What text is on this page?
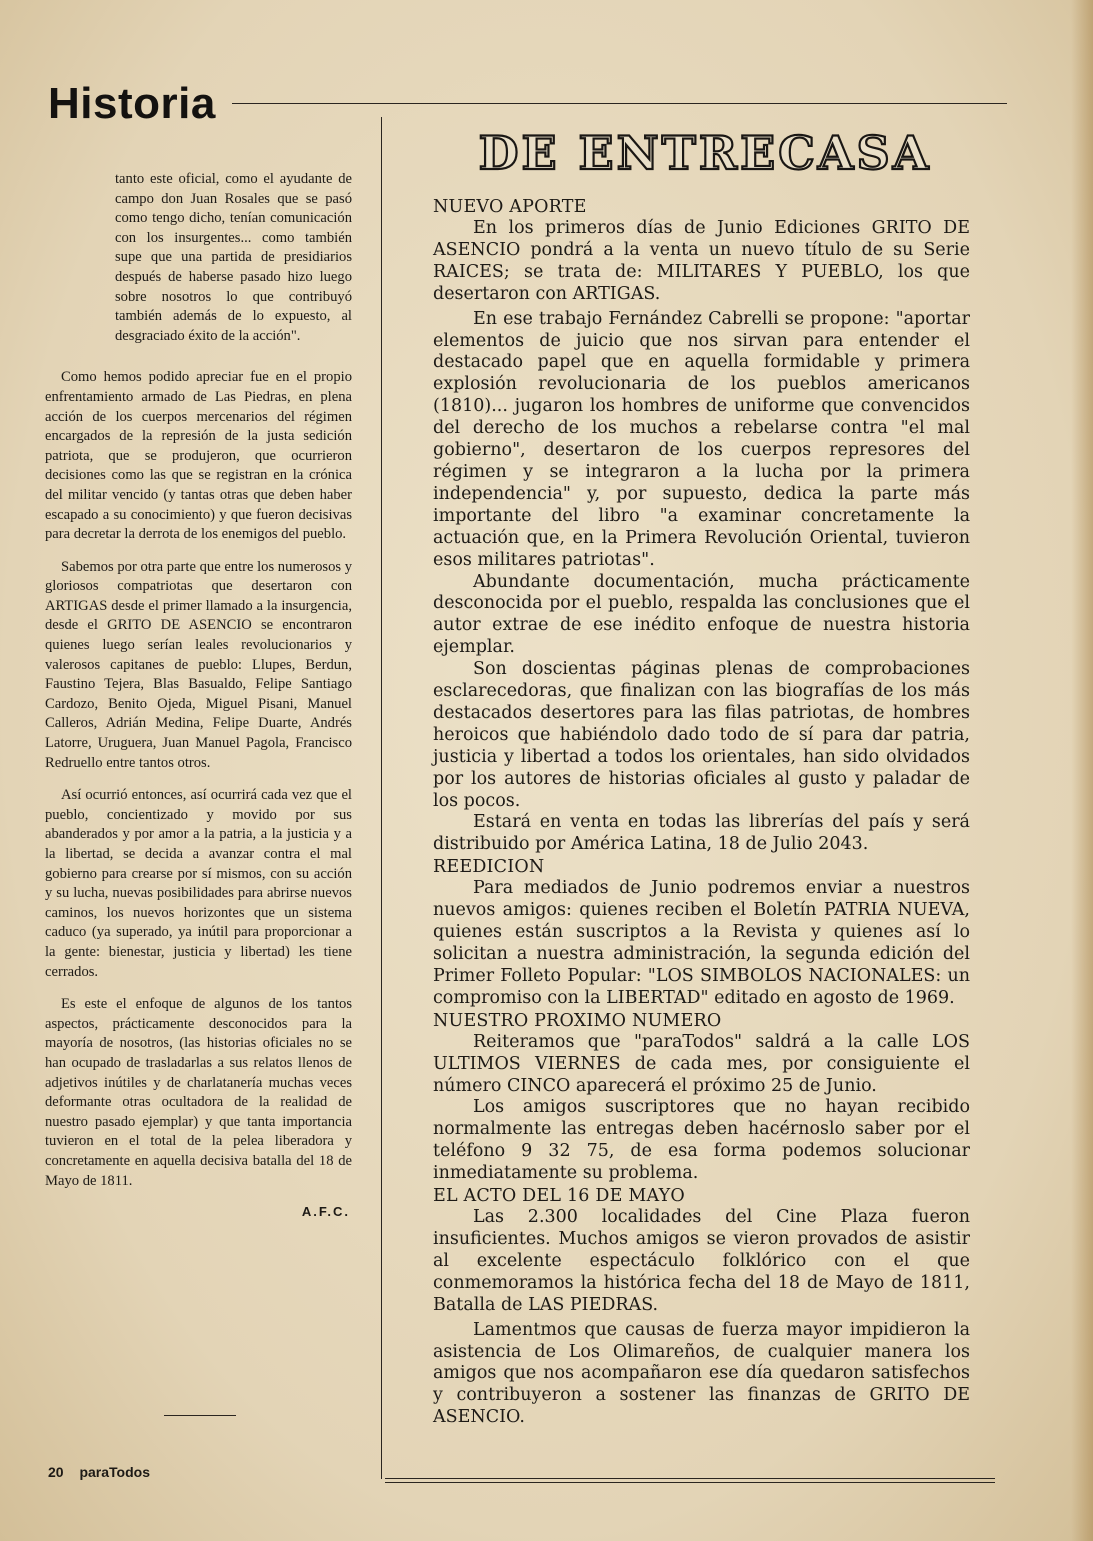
Historia

tanto este oficial, como el ayudante de campo don Juan Rosales que se pasó como tengo dicho, tenían comunicación con los insurgentes... como también supe que una partida de presidiarios después de haberse pasado hizo luego sobre nosotros lo que contribuyó también además de lo expuesto, al desgraciado éxito de la acción".

Como hemos podido apreciar fue en el propio enfrentamiento armado de Las Piedras, en plena acción de los cuerpos mercenarios del régimen encargados de la represión de la justa sedición patriota, que se produjeron, que ocurrieron decisiones como las que se registran en la crónica del militar vencido (y tantas otras que deben haber escapado a su conocimiento) y que fueron decisivas para decretar la derrota de los enemigos del pueblo.

Sabemos por otra parte que entre los numerosos y gloriosos compatriotas que desertaron con ARTIGAS desde el primer llamado a la insurgencia, desde el GRITO DE ASENCIO se encontraron quienes luego serían leales revolucionarios y valerosos capitanes de pueblo: Llupes, Berdun, Faustino Tejera, Blas Basualdo, Felipe Santiago Cardozo, Benito Ojeda, Miguel Pisani, Manuel Calleros, Adrián Medina, Felipe Duarte, Andrés Latorre, Uruguera, Juan Manuel Pagola, Francisco Redruello entre tantos otros.

Así ocurrió entonces, así ocurrirá cada vez que el pueblo, concientizado y movido por sus abanderados y por amor a la patria, a la justicia y a la libertad, se decida a avanzar contra el mal gobierno para crearse por sí mismos, con su acción y su lucha, nuevas posibilidades para abrirse nuevos caminos, los nuevos horizontes que un sistema caduco (ya superado, ya inútil para proporcionar a la gente: bienestar, justicia y libertad) les tiene cerrados.

Es este el enfoque de algunos de los tantos aspectos, prácticamente desconocidos para la mayoría de nosotros, (las historias oficiales no se han ocupado de trasladarlas a sus relatos llenos de adjetivos inútiles y de charlatanería muchas veces deformante otras ocultadora de la realidad de nuestro pasado ejemplar) y que tanta importancia tuvieron en el total de la pelea liberadora y concretamente en aquella decisiva batalla del 18 de Mayo de 1811.

A.F.C.

DE ENTRECASA
NUEVO APORTE

En los primeros días de Junio Ediciones GRITO DE ASENCIO pondrá a la venta un nuevo título de su Serie RAICES; se trata de: MILITARES Y PUEBLO, los que desertaron con ARTIGAS.

En ese trabajo Fernández Cabrelli se propone: "aportar elementos de juicio que nos sirvan para entender el destacado papel que en aquella formidable y primera explosión revolucionaria de los pueblos americanos (1810)... jugaron los hombres de uniforme que convencidos del derecho de los muchos a rebelarse contra "el mal gobierno", desertaron de los cuerpos represores del régimen y se integraron a la lucha por la primera independencia" y, por supuesto, dedica la parte más importante del libro "a examinar concretamente la actuación que, en la Primera Revolución Oriental, tuvieron esos militares patriotas".

Abundante documentación, mucha prácticamente desconocida por el pueblo, respalda las conclusiones que el autor extrae de ese inédito enfoque de nuestra historia ejemplar.

Son doscientas páginas plenas de comprobaciones esclarecedoras, que finalizan con las biografías de los más destacados desertores para las filas patriotas, de hombres heroicos que habiéndolo dado todo de sí para dar patria, justicia y libertad a todos los orientales, han sido olvidados por los autores de historias oficiales al gusto y paladar de los pocos.

Estará en venta en todas las librerías del país y será distribuido por América Latina, 18 de Julio 2043.

REEDICION

Para mediados de Junio podremos enviar a nuestros nuevos amigos: quienes reciben el Boletín PATRIA NUEVA, quienes están suscriptos a la Revista y quienes así lo solicitan a nuestra administración, la segunda edición del Primer Folleto Popular: "LOS SIMBOLOS NACIONALES: un compromiso con la LIBERTAD" editado en agosto de 1969.

NUESTRO PROXIMO NUMERO

Reiteramos que "paraTodos" saldrá a la calle LOS ULTIMOS VIERNES de cada mes, por consiguiente el número CINCO aparecerá el próximo 25 de Junio.

Los amigos suscriptores que no hayan recibido normalmente las entregas deben hacérnoslo saber por el teléfono 9 32 75, de esa forma podemos solucionar inmediatamente su problema.

EL ACTO DEL 16 DE MAYO

Las 2.300 localidades del Cine Plaza fueron insuficientes. Muchos amigos se vieron provados de asistir al excelente espectáculo folklórico con el que conmemoramos la histórica fecha del 18 de Mayo de 1811, Batalla de LAS PIEDRAS.

Lamentmos que causas de fuerza mayor impidieron la asistencia de Los Olimareños, de cualquier manera los amigos que nos acompañaron ese día quedaron satisfechos y contribuyeron a sostener las finanzas de GRITO DE ASENCIO.

20 paraTodos
